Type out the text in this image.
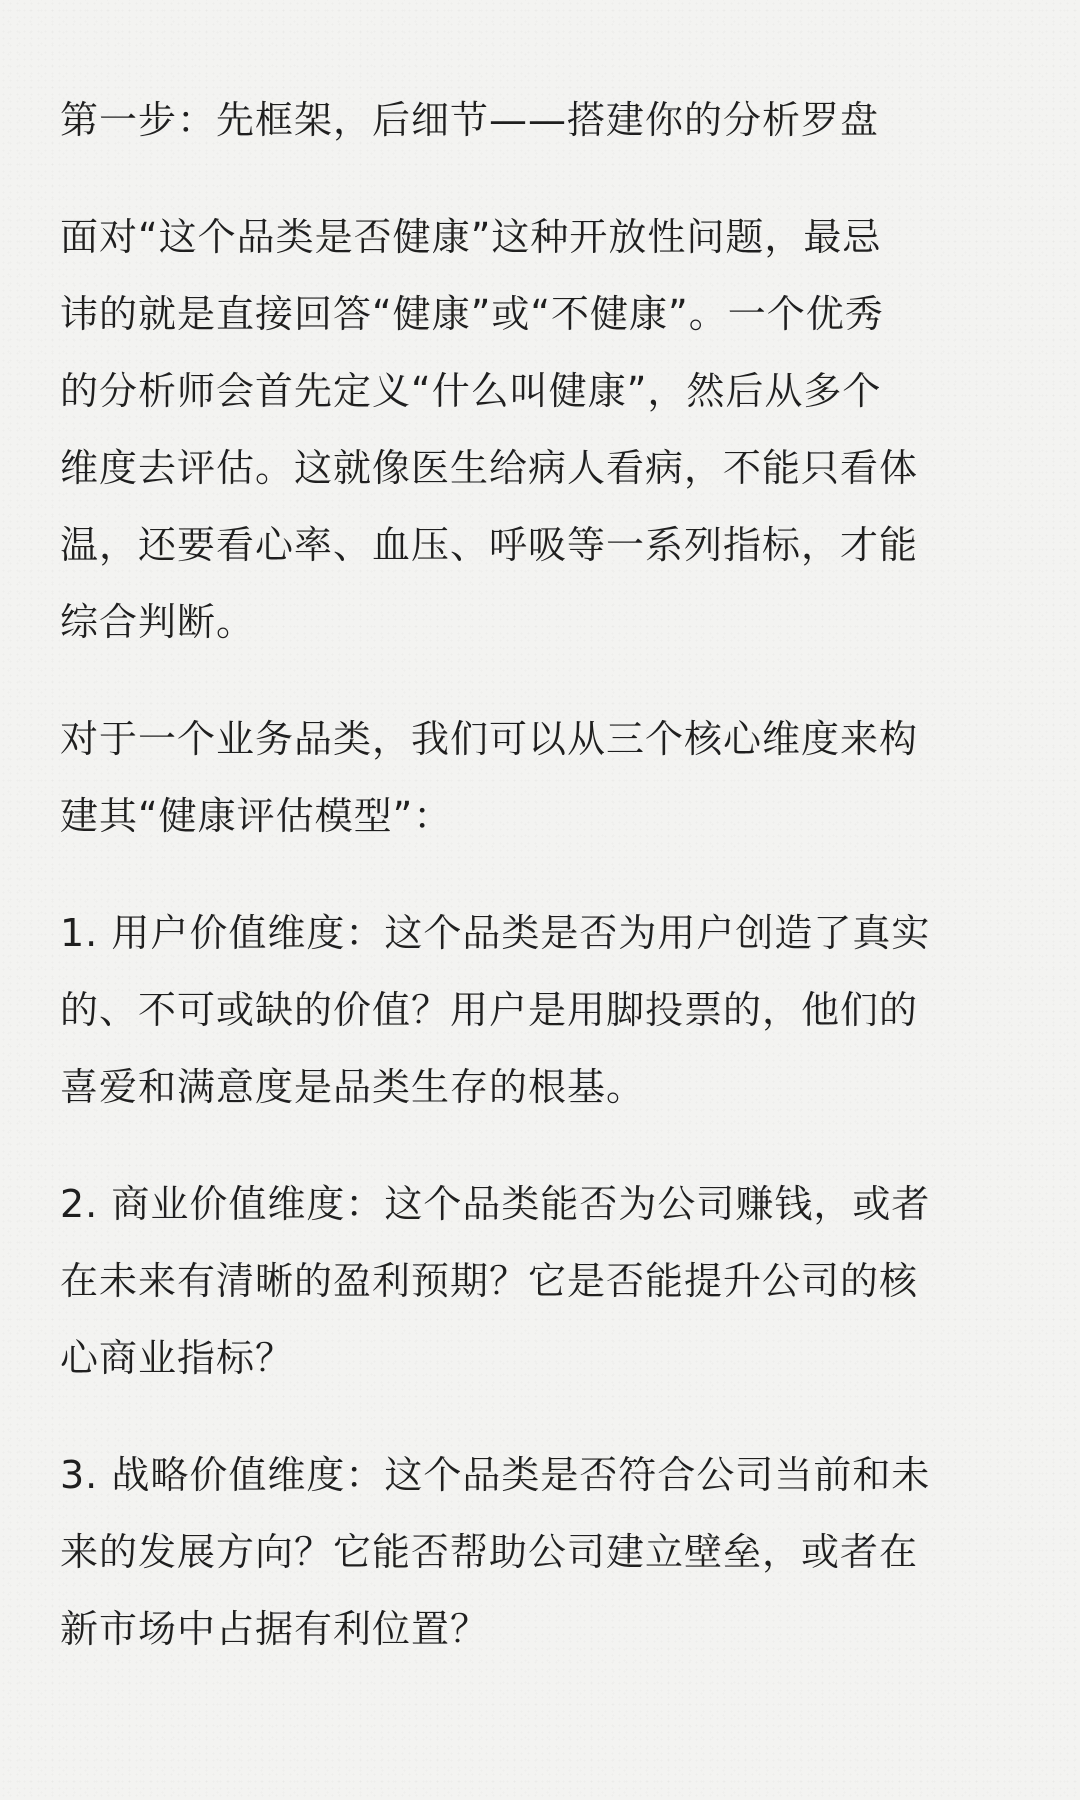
第一步：先框架，后细节——搭建你的分析罗盘
面对“这个品类是否健康”这种开放性问题，最忌
讳的就是直接回答“健康”或“不健康”。一个优秀
的分析师会首先定义“什么叫健康”，然后从多个
维度去评估。这就像医生给病人看病，不能只看体
温，还要看心率、血压、呼吸等一系列指标，才能
综合判断。
对于一个业务品类，我们可以从三个核心维度来构
建其“健康评估模型”：
1. 用户价值维度：这个品类是否为用户创造了真实
的、不可或缺的价值？用户是用脚投票的，他们的
喜爱和满意度是品类生存的根基。
2. 商业价值维度：这个品类能否为公司赚钱，或者
在未来有清晰的盈利预期？它是否能提升公司的核
心商业指标？
3. 战略价值维度：这个品类是否符合公司当前和未
来的发展方向？它能否帮助公司建立壁垒，或者在
新市场中占据有利位置？
